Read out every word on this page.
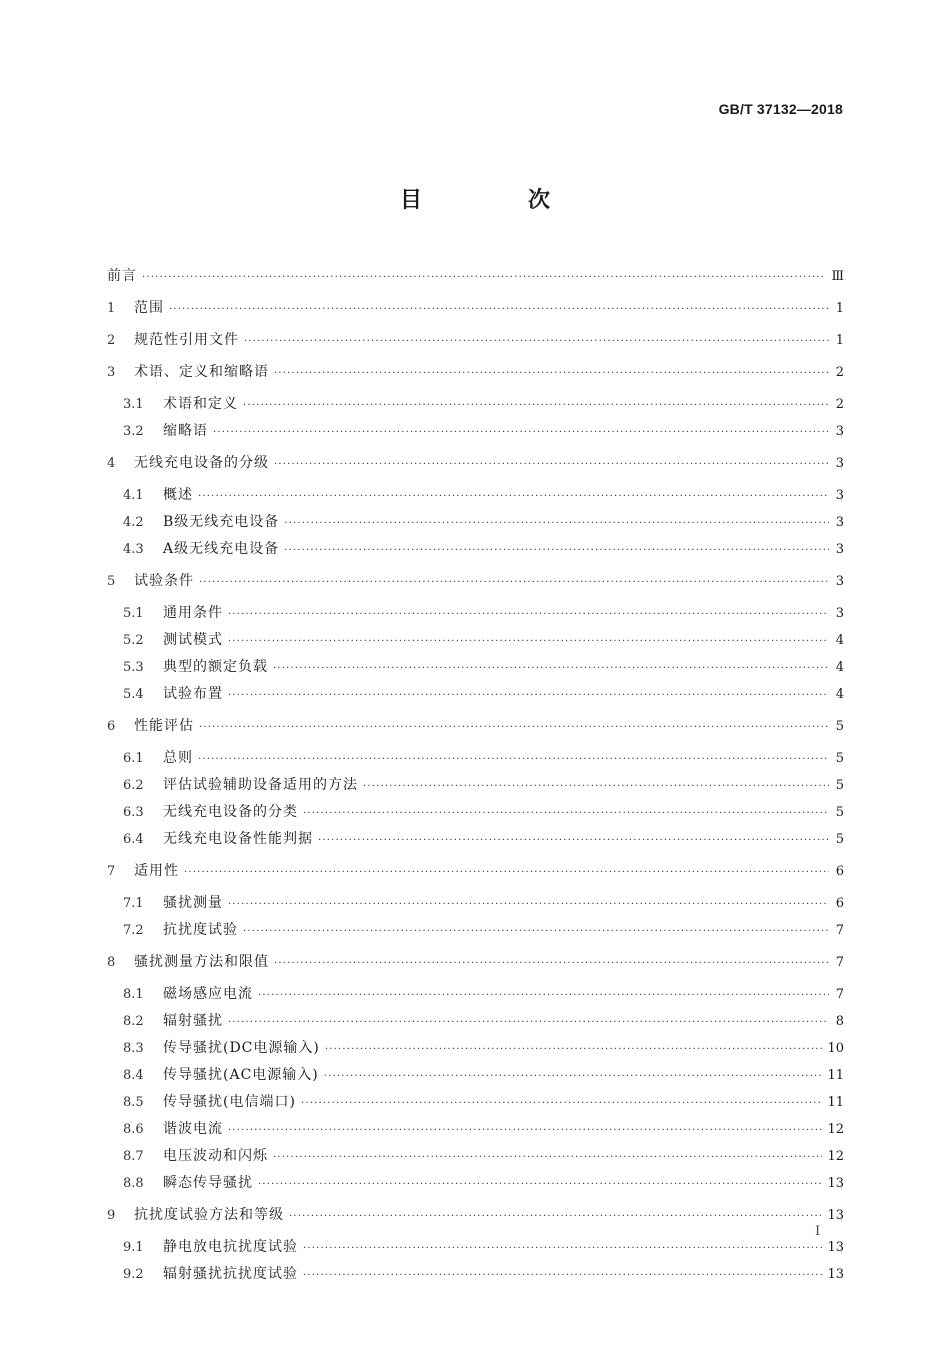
GB/T 37132—2018
目　次
前言 ·····	Ⅲ
1	范围 ·····	1
2	规范性引用文件 ·····	1
3	术语、定义和缩略语 ·····	2
3.1	术语和定义 ·····	2
3.2	缩略语 ·····	3
4	无线充电设备的分级 ·····	3
4.1	概述 ·····	3
4.2	B级无线充电设备 ·····	3
4.3	A级无线充电设备 ·····	3
5	试验条件 ·····	3
5.1	通用条件 ·····	3
5.2	测试模式 ·····	4
5.3	典型的额定负载 ·····	4
5.4	试验布置 ·····	4
6	性能评估 ·····	5
6.1	总则 ·····	5
6.2	评估试验辅助设备适用的方法 ·····	5
6.3	无线充电设备的分类 ·····	5
6.4	无线充电设备性能判据 ·····	5
7	适用性 ·····	6
7.1	骚扰测量 ·····	6
7.2	抗扰度试验 ·····	7
8	骚扰测量方法和限值 ·····	7
8.1	磁场感应电流 ·····	7
8.2	辐射骚扰 ·····	8
8.3	传导骚扰(DC电源输入) ·····	10
8.4	传导骚扰(AC电源输入) ·····	11
8.5	传导骚扰(电信端口) ·····	11
8.6	谐波电流 ·····	12
8.7	电压波动和闪烁 ·····	12
8.8	瞬态传导骚扰 ·····	13
9	抗扰度试验方法和等级 ·····	13
9.1	静电放电抗扰度试验 ·····	13
9.2	辐射骚扰抗扰度试验 ·····	13
Ⅰ
